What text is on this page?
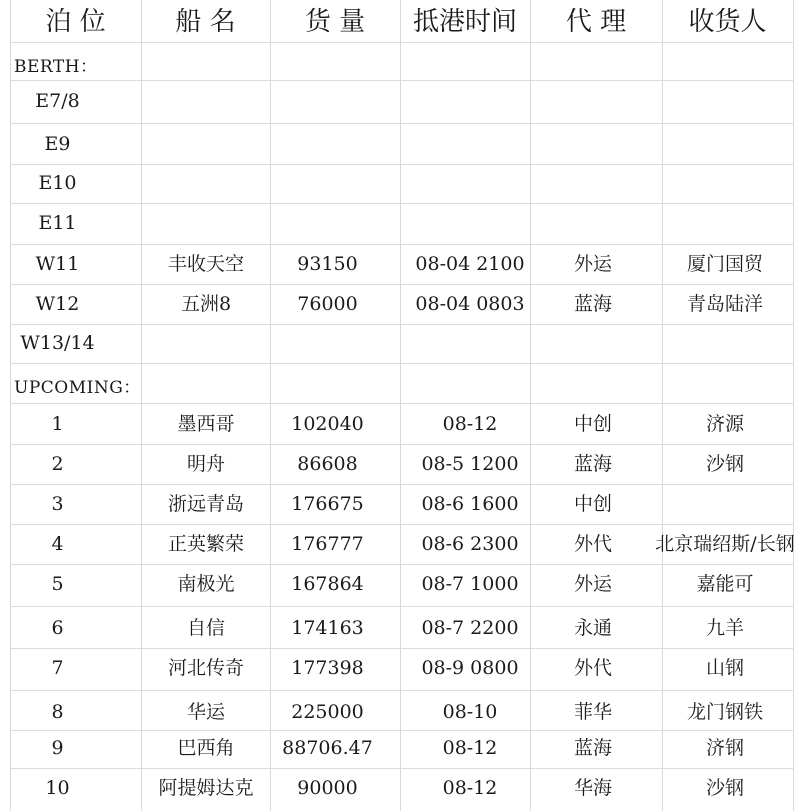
泊 位	船 名	货 量	抵港时间	代 理	收货人
BERTH：
E7/8
E9
E10
E11
W11	丰收天空	93150	08-04 2100	外运	厦门国贸
W12	五洲8	76000	08-04 0803	蓝海	青岛陆洋
W13/14
1	墨西哥	102040	08-12	中创	济源
2	明舟	86608	08-5 1200	蓝海	沙钢
3	浙远青岛	176675	08-6 1600	中创
4	正英繁荣	176777	08-6 2300	外代	北京瑞绍斯/长钢
5	南极光	167864	08-7 1000	外运	嘉能可
6	自信	174163	08-7 2200	永通	九羊
7	河北传奇	177398	08-9 0800	外代	山钢
8	华运	225000	08-10	菲华	龙门钢铁
9	巴西角	88706.47	08-12	蓝海	济钢
10	阿提姆达克	90000	08-12	华海	沙钢
UPCOMING：
